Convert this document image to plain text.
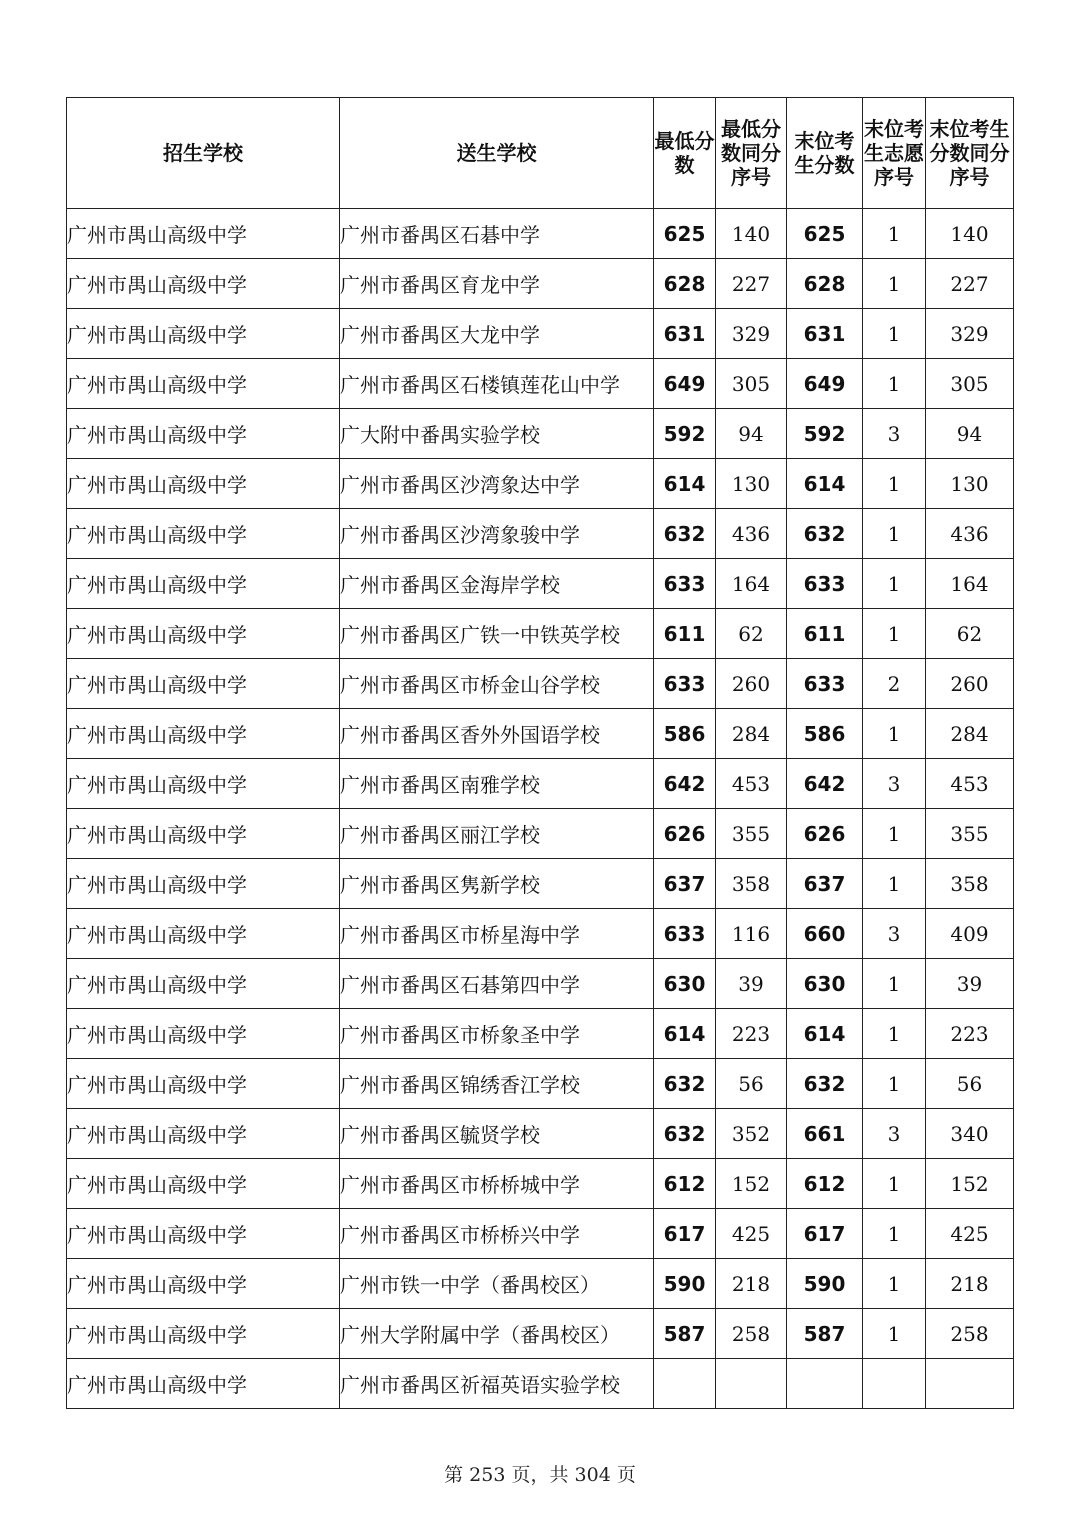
招生学校	送生学校	最低分数	最低分数同分序号	末位考生分数	末位考生志愿序号	末位考生分数同分序号
广州市禺山高级中学	广州市番禺区石碁中学	625	140	625	1	140
广州市禺山高级中学	广州市番禺区育龙中学	628	227	628	1	227
广州市禺山高级中学	广州市番禺区大龙中学	631	329	631	1	329
广州市禺山高级中学	广州市番禺区石楼镇莲花山中学	649	305	649	1	305
广州市禺山高级中学	广大附中番禺实验学校	592	94	592	3	94
广州市禺山高级中学	广州市番禺区沙湾象达中学	614	130	614	1	130
广州市禺山高级中学	广州市番禺区沙湾象骏中学	632	436	632	1	436
广州市禺山高级中学	广州市番禺区金海岸学校	633	164	633	1	164
广州市禺山高级中学	广州市番禺区广铁一中铁英学校	611	62	611	1	62
广州市禺山高级中学	广州市番禺区市桥金山谷学校	633	260	633	2	260
广州市禺山高级中学	广州市番禺区香外外国语学校	586	284	586	1	284
广州市禺山高级中学	广州市番禺区南雅学校	642	453	642	3	453
广州市禺山高级中学	广州市番禺区丽江学校	626	355	626	1	355
广州市禺山高级中学	广州市番禺区隽新学校	637	358	637	1	358
广州市禺山高级中学	广州市番禺区市桥星海中学	633	116	660	3	409
广州市禺山高级中学	广州市番禺区石碁第四中学	630	39	630	1	39
广州市禺山高级中学	广州市番禺区市桥象圣中学	614	223	614	1	223
广州市禺山高级中学	广州市番禺区锦绣香江学校	632	56	632	1	56
广州市禺山高级中学	广州市番禺区毓贤学校	632	352	661	3	340
广州市禺山高级中学	广州市番禺区市桥桥城中学	612	152	612	1	152
广州市禺山高级中学	广州市番禺区市桥桥兴中学	617	425	617	1	425
广州市禺山高级中学	广州市铁一中学（番禺校区）	590	218	590	1	218
广州市禺山高级中学	广州大学附属中学（番禺校区）	587	258	587	1	258
广州市禺山高级中学	广州市番禺区祈福英语实验学校					
第 253 页，共 304 页
